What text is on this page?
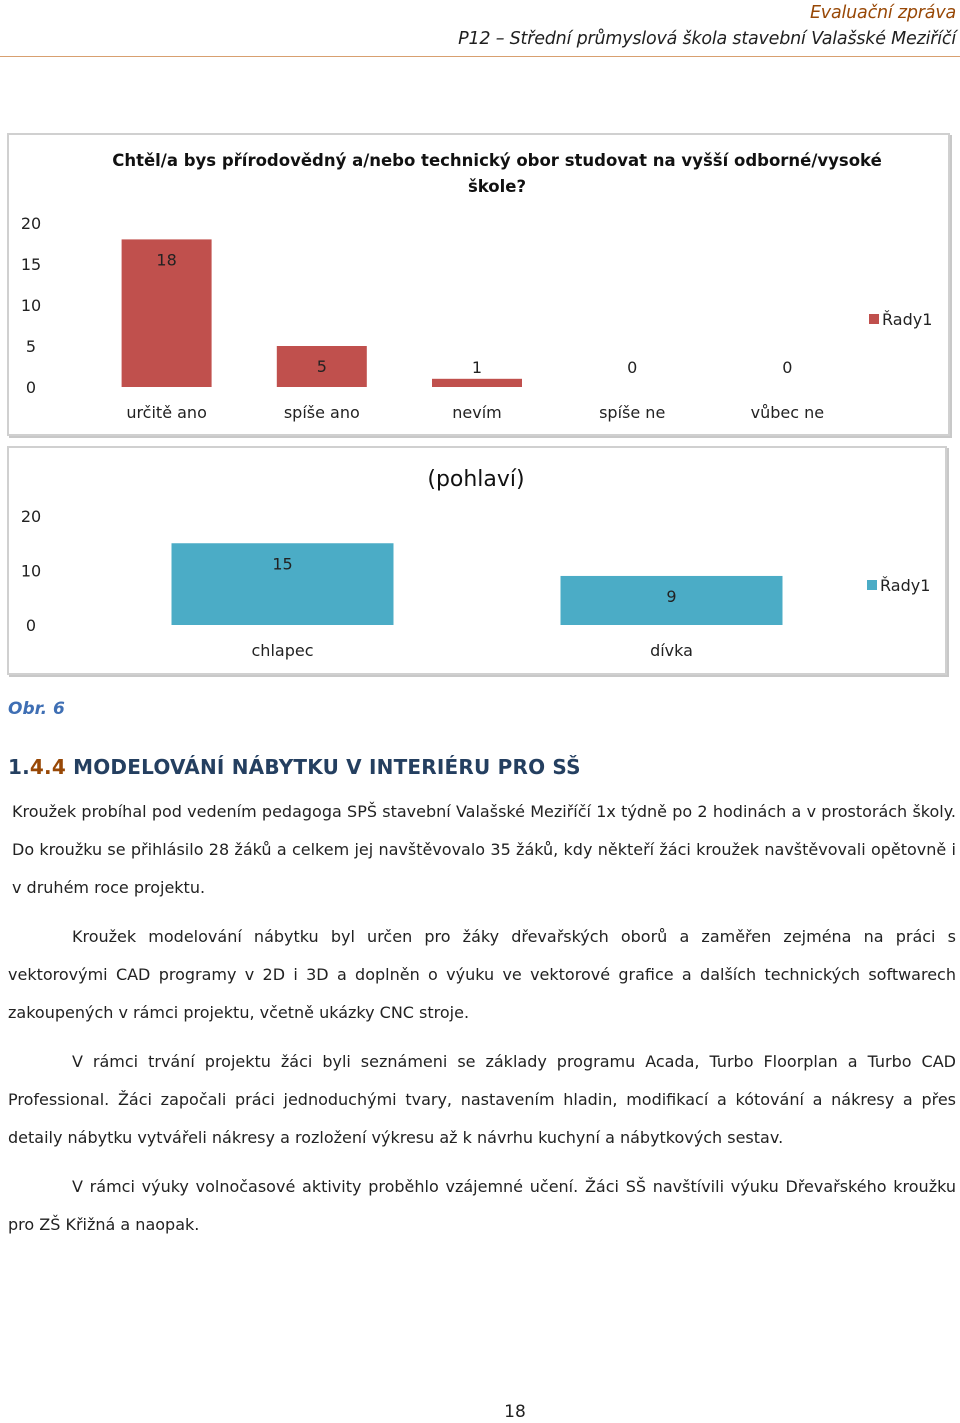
Evaluační zpráva
P12 – Střední průmyslová škola stavební Valašské Meziříčí
Chtěl/a bys přírodovědný a/nebo technický obor studovat na vyšší odborné/vysoké
škole?
0
5
10
15
20
18
určitě ano
5
spíše ano
1
nevím
0
spíše ne
0
vůbec ne
Řady1
(pohlaví)
0
10
20
15
chlapec
9
dívka
Řady1
Obr. 6
1.4.4 MODELOVÁNÍ NÁBYTKU V INTERIÉRU PRO SŠ
Kroužek probíhal pod vedením pedagoga SPŠ stavební Valašské Meziříčí 1x týdně po 2 hodinách a v prostorách školy. Do kroužku se přihlásilo 28 žáků a celkem jej navštěvovalo 35 žáků, kdy někteří žáci kroužek navštěvovali opětovně i v druhém roce projektu.
Kroužek modelování nábytku byl určen pro žáky dřevařských oborů a zaměřen zejména na práci s vektorovými CAD programy v 2D i 3D a doplněn o výuku ve vektorové grafice a dalších technických softwarech zakoupených v rámci projektu, včetně ukázky CNC stroje.
V rámci trvání projektu žáci byli seznámeni se základy programu Acada, Turbo Floorplan a Turbo CAD Professional. Žáci započali práci jednoduchými tvary, nastavením hladin, modifikací a kótování a nákresy a přes detaily nábytku vytvářeli nákresy a rozložení výkresu až k návrhu kuchyní a nábytkových sestav.
V rámci výuky volnočasové aktivity proběhlo vzájemné učení. Žáci SŠ navštívili výuku Dřevařského kroužku pro ZŠ Křižná a naopak.
18
